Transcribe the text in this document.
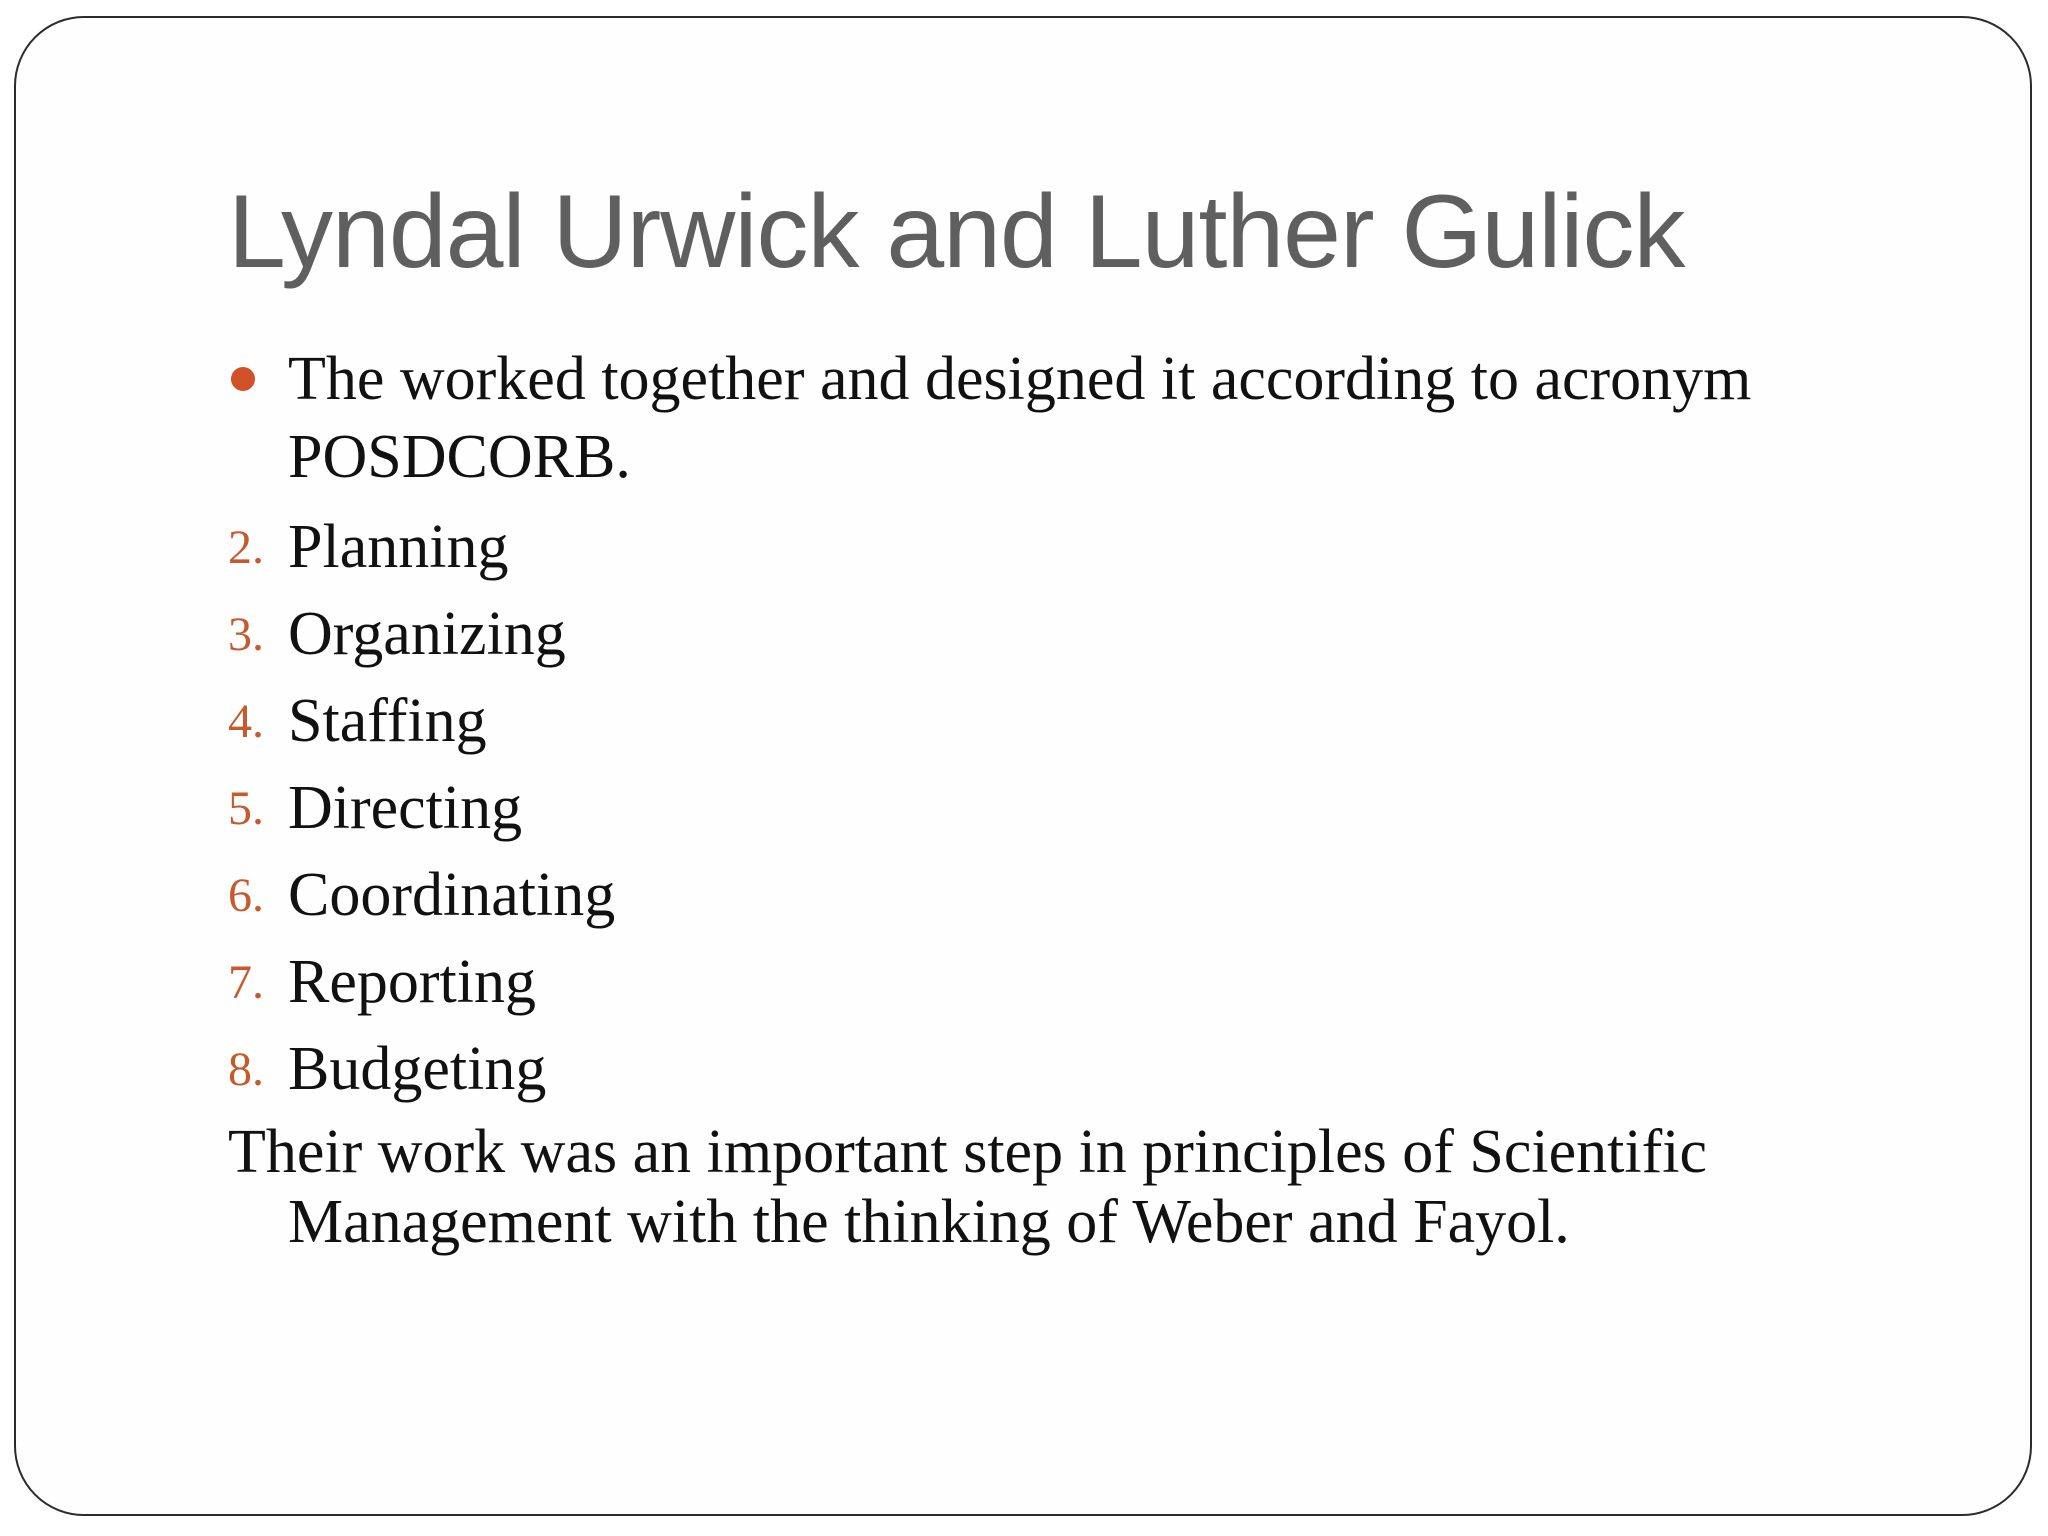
Lyndal Urwick and Luther Gulick
The worked together and designed it according to acronym POSDCORB.
2. Planning
3. Organizing
4. Staffing
5. Directing
6. Coordinating
7. Reporting
8. Budgeting
Their work was an important step in principles of Scientific Management with the thinking of Weber and Fayol.
